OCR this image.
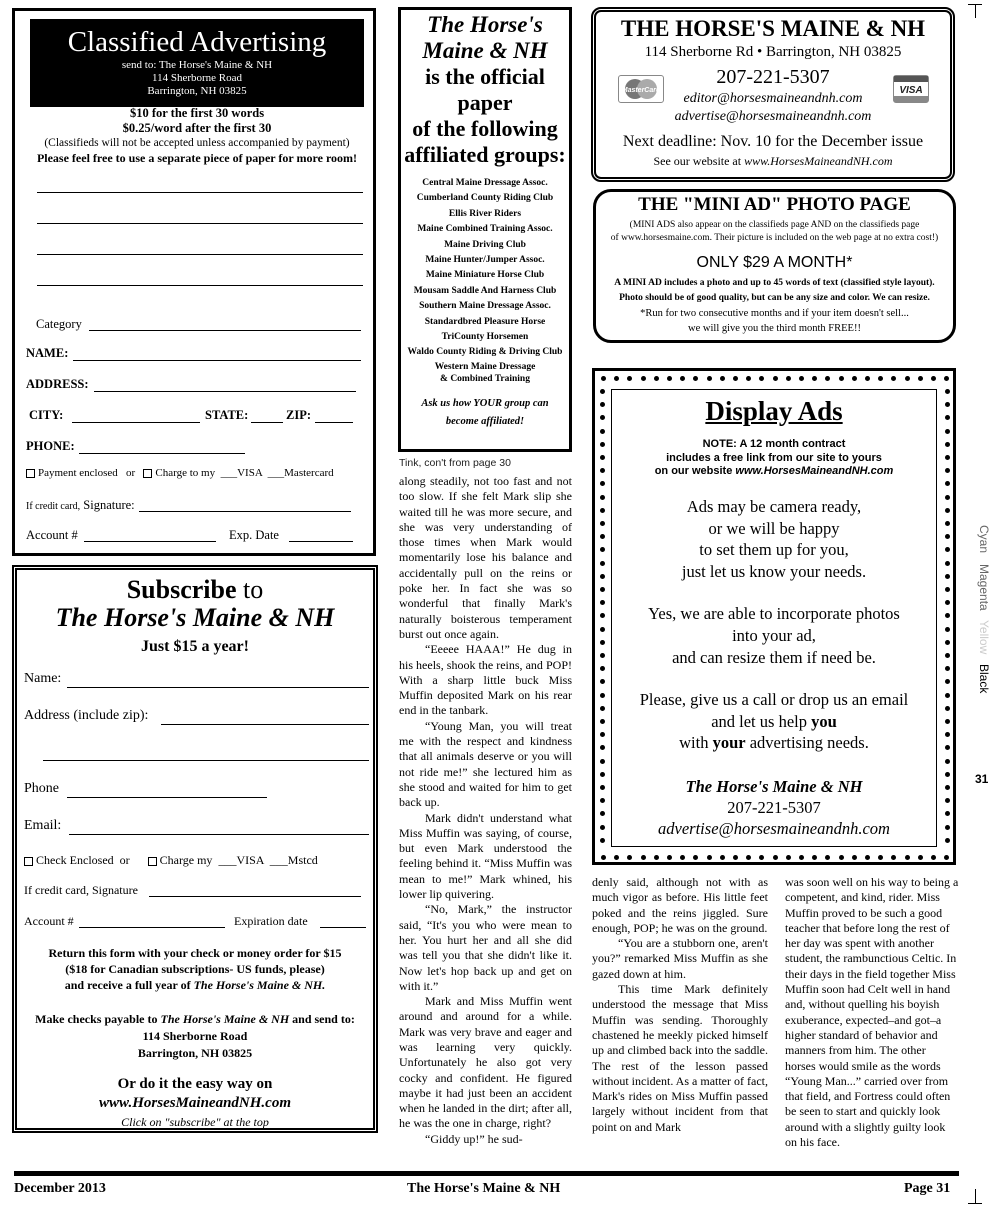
Classified Advertising
send to: The Horse's Maine & NH
114 Sherborne Road
Barrington, NH 03825
$10 for the first 30 words
$0.25/word after the first 30
(Classifieds will not be accepted unless accompanied by payment)
Please feel free to use a separate piece of paper for more room!
Category
NAME:
ADDRESS:
CITY:	STATE:	ZIP:
PHONE:
Payment enclosed or Charge to my  ___VISA  ___Mastercard
If credit card, Signature:
Account #	Exp. Date
Subscribe to
The Horse's Maine & NH
Just $15 a year!
Name:
Address (include zip):
Phone
Email:
Check Enclosed or	Charge my  ___VISA  ___Mstcd
If credit card, Signature
Account #	Expiration date
Return this form with your check or money order for $15
($18 for Canadian subscriptions- US funds, please)
and receive a full year of The Horse's Maine & NH.
Make checks payable to The Horse's Maine & NH and send to:
114 Sherborne Road
Barrington, NH 03825
Or do it the easy way on
www.HorsesMaineandNH.com
Click on "subscribe" at the top
The Horse's
Maine & NH
is the official
paper
of the following
affiliated groups:
Central Maine Dressage Assoc.
Cumberland County Riding Club
Ellis River Riders
Maine Combined Training Assoc.
Maine Driving Club
Maine Hunter/Jumper Assoc.
Maine Miniature Horse Club
Mousam Saddle And Harness Club
Southern Maine Dressage Assoc.
Standardbred Pleasure Horse
TriCounty Horsemen
Waldo County Riding & Driving Club
Western Maine Dressage
& Combined Training
Ask us how YOUR group can
become affiliated!
Tink, con't from page 30

along steadily, not too fast and not too slow. If she felt Mark slip she waited till he was more secure, and she was very understanding of those times when Mark would momentarily lose his balance and accidentally pull on the reins or poke her. In fact she was so wonderful that finally Mark's naturally boisterous temperament burst out once again.

“Eeeee HAAA!” He dug in his heels, shook the reins, and POP! With a sharp little buck Miss Muffin deposited Mark on his rear end in the tanbark.

“Young Man, you will treat me with the respect and kindness that all animals deserve or you will not ride me!” she lectured him as she stood and waited for him to get back up.

Mark didn't understand what Miss Muffin was saying, of course, but even Mark understood the feeling behind it. “Miss Muffin was mean to me!” Mark whined, his lower lip quivering.

“No, Mark,” the instructor said, “It's you who were mean to her. You hurt her and all she did was tell you that she didn't like it. Now let's hop back up and get on with it.”

Mark and Miss Muffin went around and around for a while. Mark was very brave and eager and was learning very quickly. Unfortunately he also got very cocky and confident. He figured maybe it had just been an accident when he landed in the dirt; after all, he was the one in charge, right?

“Giddy up!” he sud-

denly said, although not with as much vigor as before. His little feet poked and the reins jiggled. Sure enough, POP; he was on the ground.

“You are a stubborn one, aren't you?” remarked Miss Muffin as she gazed down at him.

This time Mark definitely understood the message that Miss Muffin was sending. Thoroughly chastened he meekly picked himself up and climbed back into the saddle. The rest of the lesson passed without incident. As a matter of fact, Mark's rides on Miss Muffin passed largely without incident from that point on and Mark

was soon well on his way to being a competent, and kind, rider. Miss Muffin proved to be such a good teacher that before long the rest of her day was spent with another student, the rambunctious Celtic. In their days in the field together Miss Muffin soon had Celt well in hand and, without quelling his boyish exuberance, expected–and got–a higher standard of behavior and manners from him. The other horses would smile as the words “Young Man...” carried over from that field, and Fortress could often be seen to start and quickly look around with a slightly guilty look on his face.

THE HORSE'S MAINE & NH
114 Sherborne Rd • Barrington, NH 03825
207-221-5307
editor@horsesmaineandnh.com
advertise@horsesmaineandnh.com
Next deadline: Nov. 10 for the December issue
See our website at www.HorsesMaineandNH.com
MasterCard	VISA
THE "MINI AD" PHOTO PAGE
(MINI ADS also appear on the classifieds page AND on the classifieds page
of www.horsesmaine.com. Their picture is included on the web page at no extra cost!)
ONLY $29 A MONTH*
A MINI AD includes a photo and up to 45 words of text (classified style layout).
Photo should be of good quality, but can be any size and color. We can resize.
*Run for two consecutive months and if your item doesn't sell...
we will give you the third month FREE!!
Display Ads
NOTE: A 12 month contract
includes a free link from our site to yours
on our website www.HorsesMaineandNH.com
Ads may be camera ready,
or we will be happy
to set them up for you,
just let us know your needs.
Yes, we are able to incorporate photos
into your ad,
and can resize them if need be.
Please, give us a call or drop us an email
and let us help you
with your advertising needs.
The Horse's Maine & NH
207-221-5307
advertise@horsesmaineandnh.com
Cyan
Magenta
Yellow
Black
31
December 2013	The Horse's Maine & NH	Page 31
